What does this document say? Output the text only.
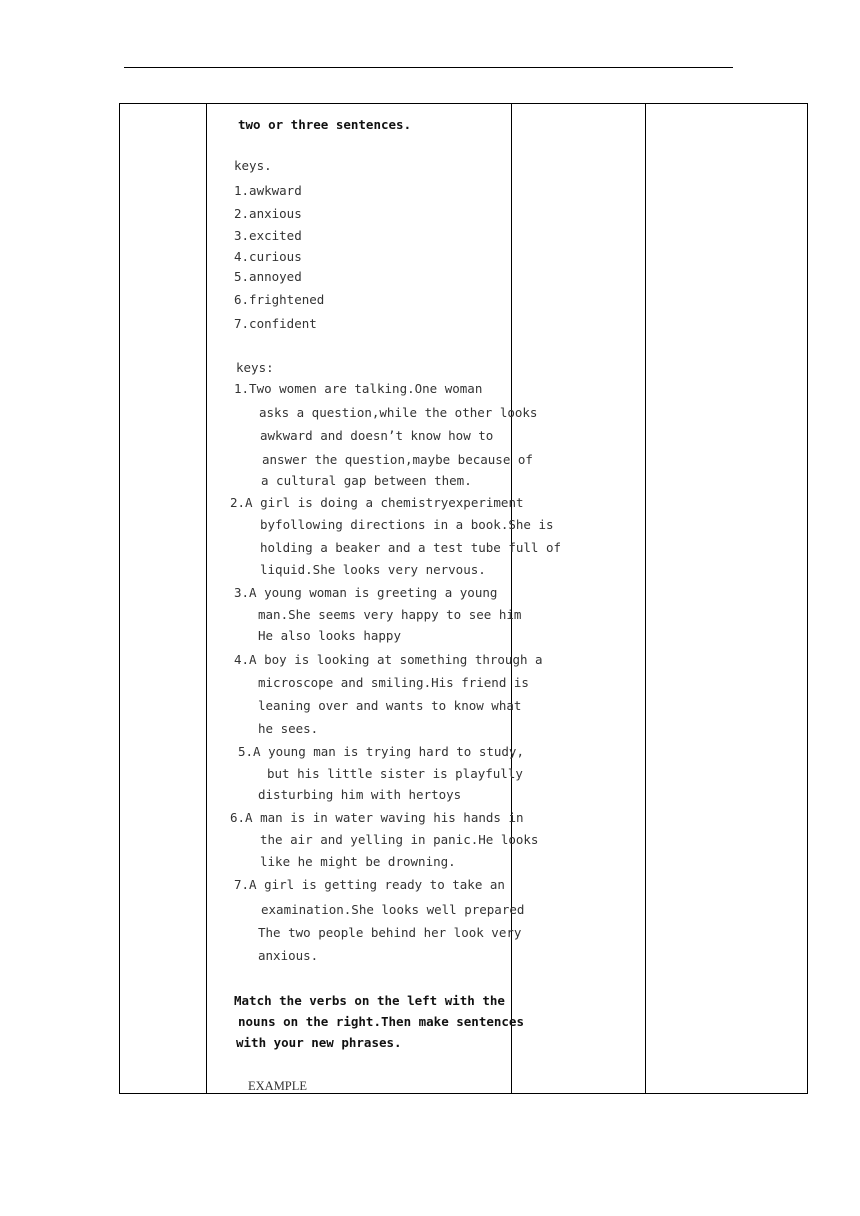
two or three sentences.
keys.
1.awkward
2.anxious
3.excited
4.curious
5.annoyed
6.frightened
7.confident
keys:
1.Two women are talking.One woman
asks a question,while the other looks
awkward and doesn’t know how to
answer the question,maybe because of
a cultural gap between them.
2.A girl is doing a chemistryexperiment
byfollowing directions in a book.She is
holding a beaker and a test tube full of
liquid.She looks very nervous.
3.A young woman is greeting a young
man.She seems very happy to see him
He also looks happy
4.A boy is looking at something through a
microscope and smiling.His friend is
leaning over and wants to know what
he sees.
5.A young man is trying hard to study,
but his little sister is playfully
disturbing him with hertoys
6.A man is in water waving his hands in
the air and yelling in panic.He looks
like he might be drowning.
7.A girl is getting ready to take an
examination.She looks well prepared
The two people behind her look very
anxious.
Match the verbs on the left with the
nouns on the right.Then make sentences
with your new phrases.
EXAMPLE
